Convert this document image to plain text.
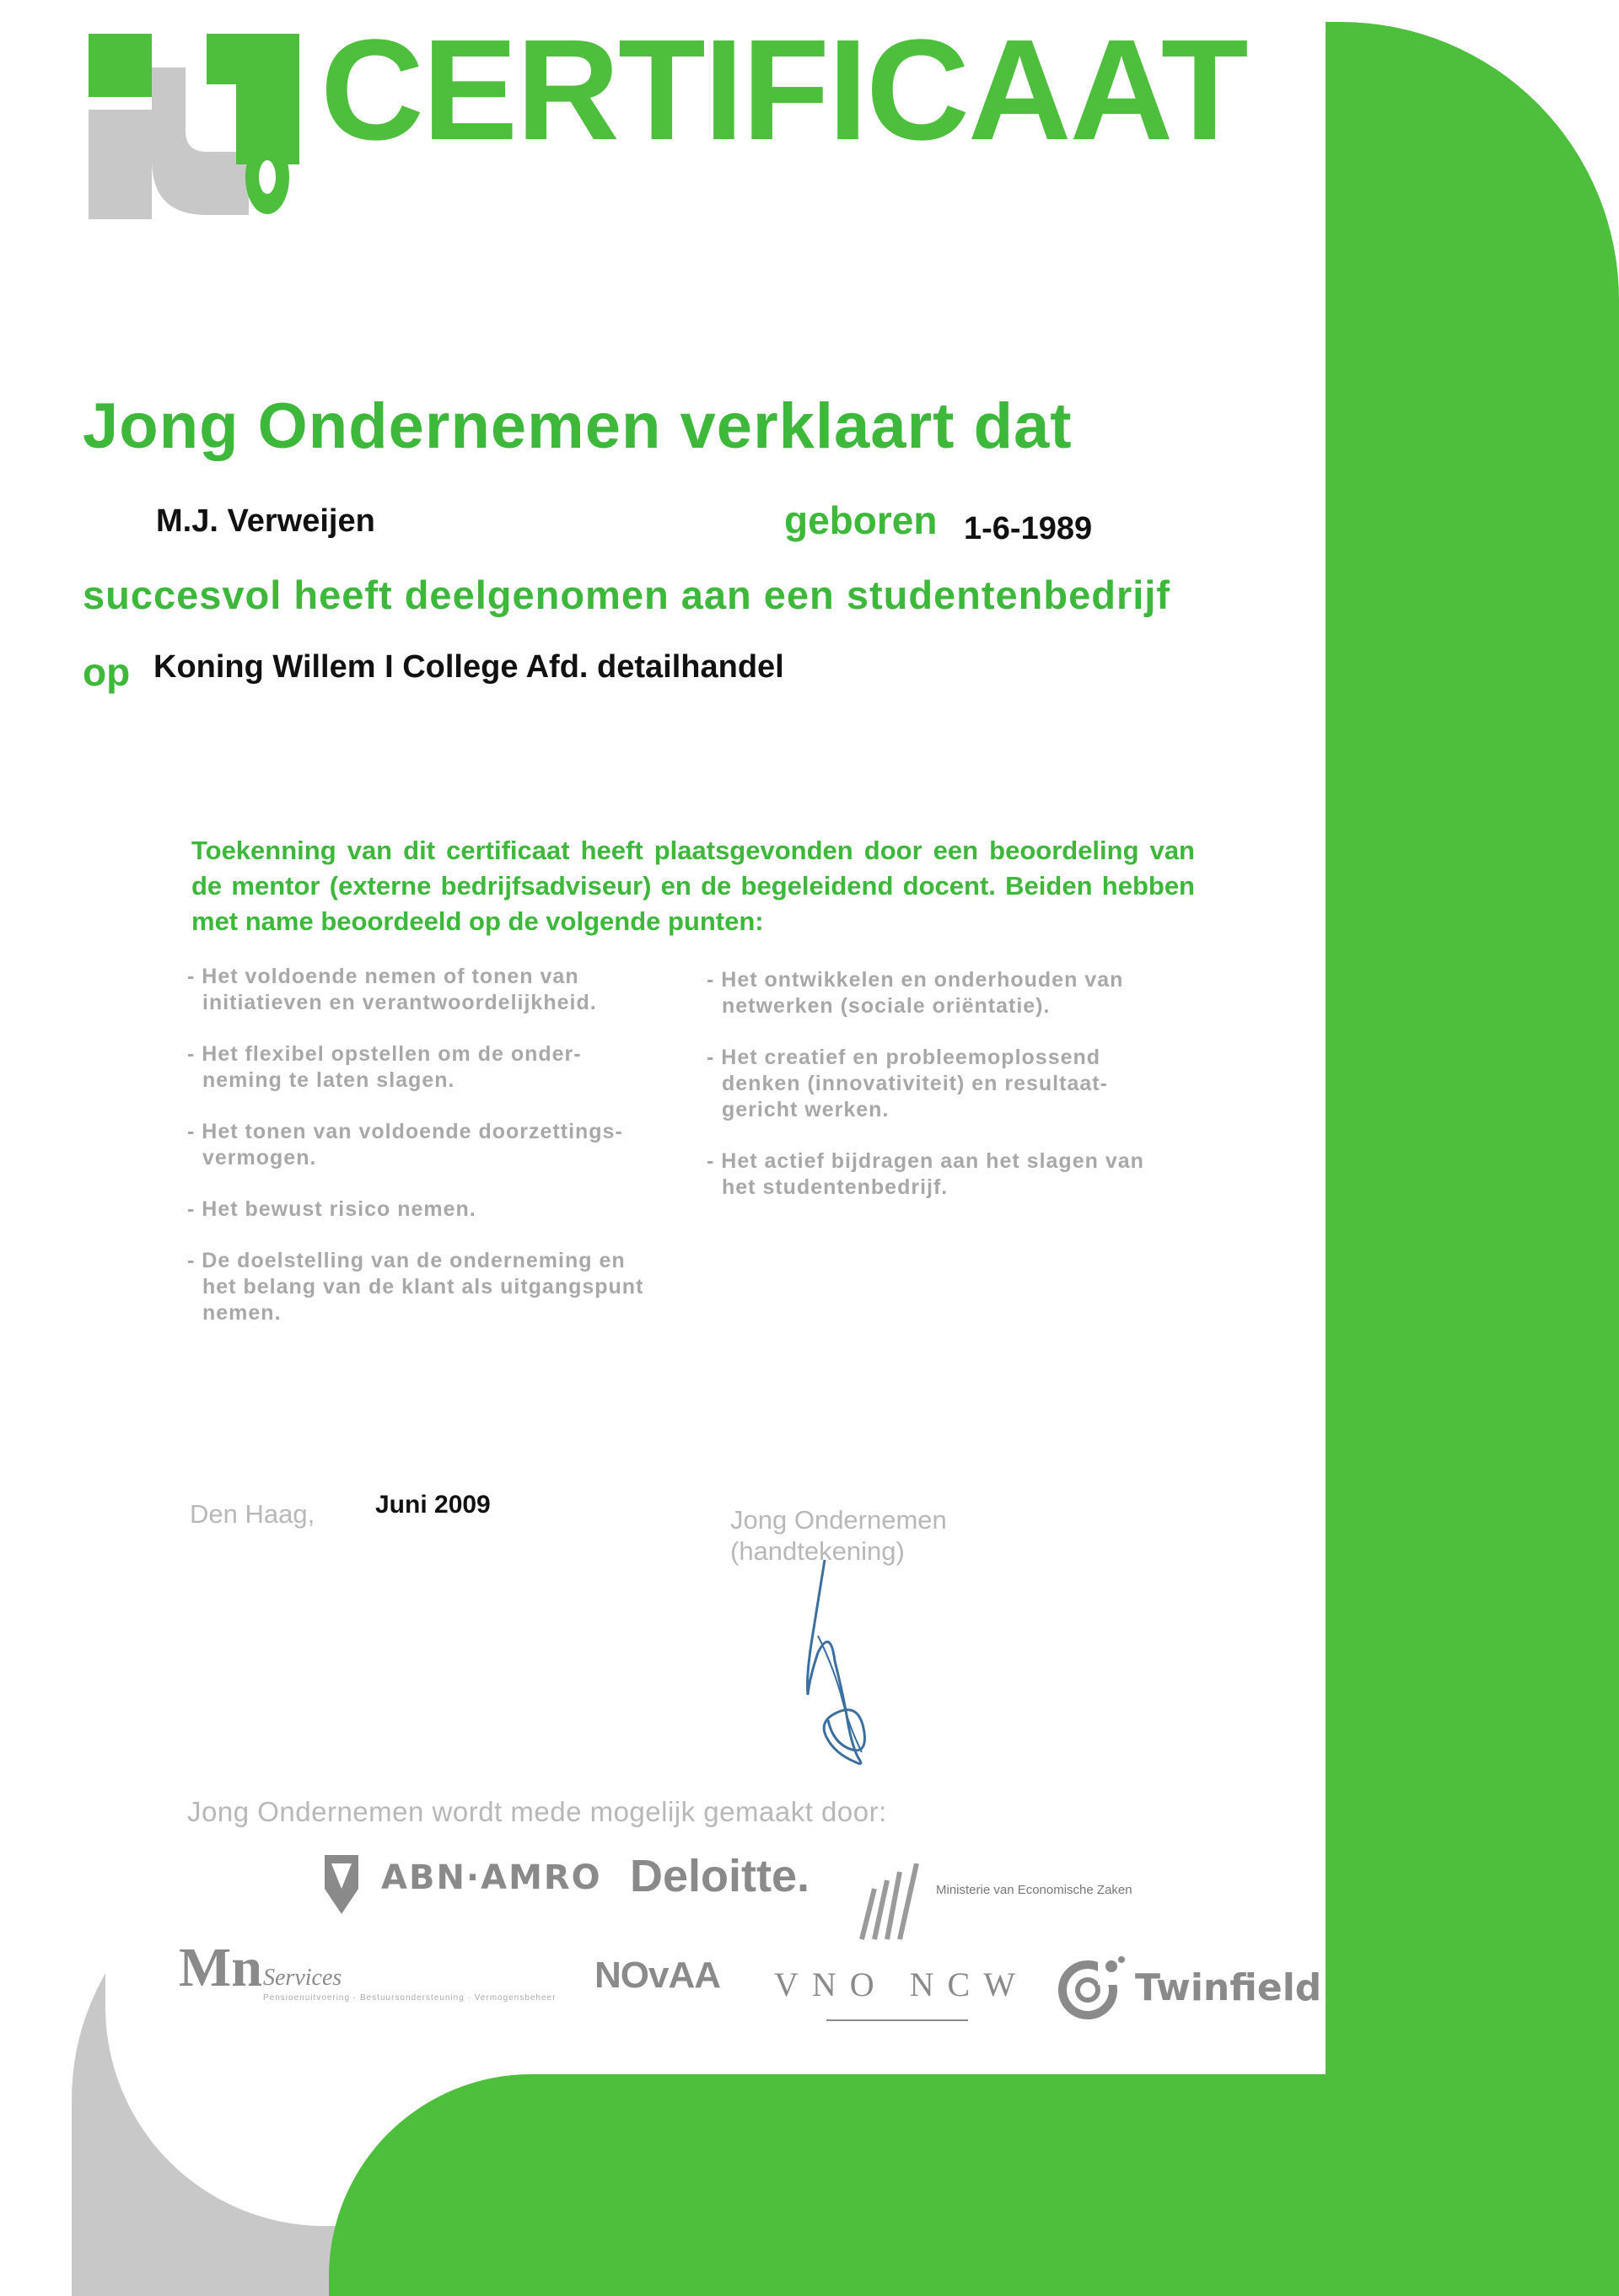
CERTIFICAAT
Jong Ondernemen verklaart dat
M.J. Verweijen	geboren 1-6-1989
succesvol heeft deelgenomen aan een studentenbedrijf
op Koning Willem I College Afd. detailhandel
Toekenning van dit certificaat heeft plaatsgevonden door een beoordeling van de mentor (externe bedrijfsadviseur) en de begeleidend docent. Beiden hebben met name beoordeeld op de volgende punten:
- Het voldoende nemen of tonen van
initiatieven en verantwoordelijkheid.
- Het flexibel opstellen om de onder-
neming te laten slagen.
- Het tonen van voldoende doorzettings-
vermogen.
- Het bewust risico nemen.
- De doelstelling van de onderneming en
het belang van de klant als uitgangspunt
nemen.
- Het ontwikkelen en onderhouden van
netwerken (sociale oriëntatie).
- Het creatief en probleemoplossend
denken (innovativiteit) en resultaat-
gericht werken.
- Het actief bijdragen aan het slagen van
het studentenbedrijf.
Den Haag, Juni 2009
Jong Ondernemen
(handtekening)
Jong Ondernemen wordt mede mogelijk gemaakt door:
ABN·AMRO Deloitte.	Ministerie van Economische Zaken
Mn Services
Pensioenuitvoering · Bestuursondersteuning · Vermogensbeheer
NOvAA VNO NCW	Twinfield
